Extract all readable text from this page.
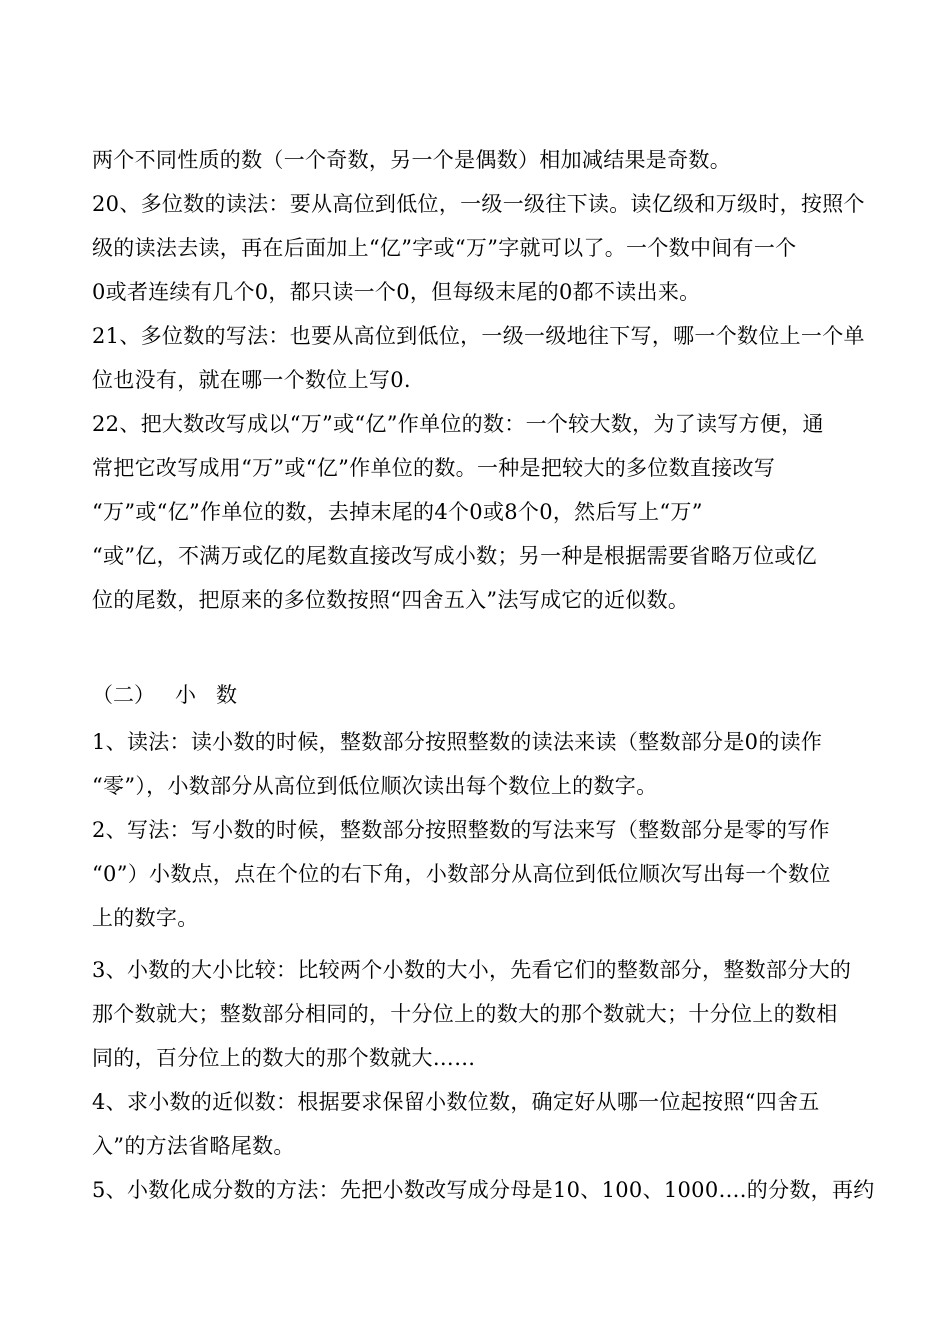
两个不同性质的数（一个奇数，另一个是偶数）相加减结果是奇数。
20、多位数的读法：要从高位到低位，一级一级往下读。读亿级和万级时，按照个
级的读法去读，再在后面加上“亿”字或“万”字就可以了。一个数中间有一个
0或者连续有几个0，都只读一个0，但每级末尾的0都不读出来。
21、多位数的写法：也要从高位到低位，一级一级地往下写，哪一个数位上一个单
位也没有，就在哪一个数位上写0.
22、把大数改写成以“万”或“亿”作单位的数：一个较大数，为了读写方便，通
常把它改写成用“万”或“亿”作单位的数。一种是把较大的多位数直接改写
“万”或“亿”作单位的数，去掉末尾的4个0或8个0，然后写上“万”
“或”亿，不满万或亿的尾数直接改写成小数；另一种是根据需要省略万位或亿
位的尾数，把原来的多位数按照“四舍五入”法写成它的近似数。
（二）   小   数
1、读法：读小数的时候，整数部分按照整数的读法来读（整数部分是0的读作
“零”），小数部分从高位到低位顺次读出每个数位上的数字。
2、写法：写小数的时候，整数部分按照整数的写法来写（整数部分是零的写作
“0”）小数点，点在个位的右下角，小数部分从高位到低位顺次写出每一个数位
上的数字。
3、小数的大小比较：比较两个小数的大小，先看它们的整数部分，整数部分大的
那个数就大；整数部分相同的，十分位上的数大的那个数就大；十分位上的数相
同的，百分位上的数大的那个数就大……
4、求小数的近似数：根据要求保留小数位数，确定好从哪一位起按照“四舍五
入”的方法省略尾数。
5、小数化成分数的方法：先把小数改写成分母是10、100、1000….的分数，再约
